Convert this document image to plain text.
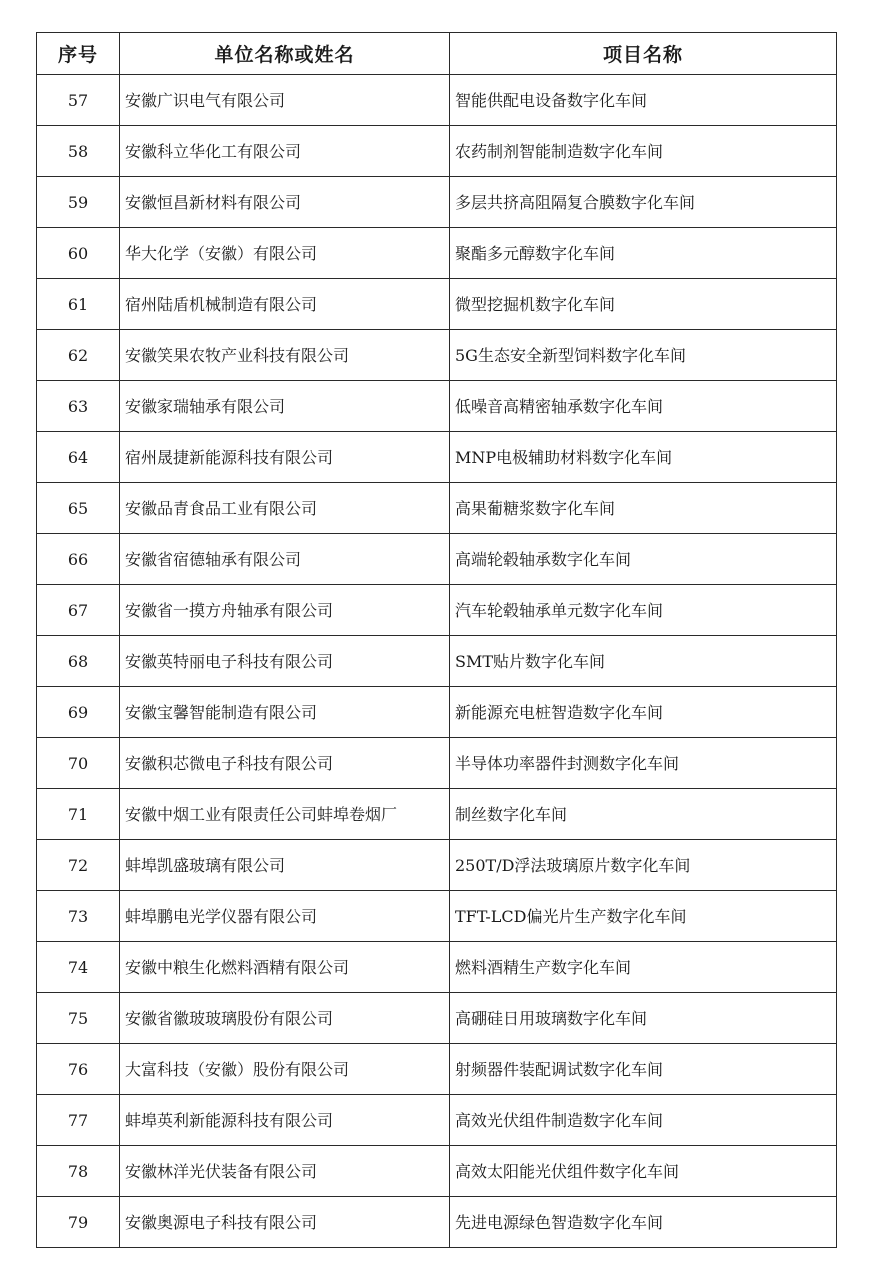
序号	单位名称或姓名	项目名称
57	安徽广识电气有限公司	智能供配电设备数字化车间
58	安徽科立华化工有限公司	农药制剂智能制造数字化车间
59	安徽恒昌新材料有限公司	多层共挤高阻隔复合膜数字化车间
60	华大化学（安徽）有限公司	聚酯多元醇数字化车间
61	宿州陆盾机械制造有限公司	微型挖掘机数字化车间
62	安徽笑果农牧产业科技有限公司	5G生态安全新型饲料数字化车间
63	安徽家瑞轴承有限公司	低噪音高精密轴承数字化车间
64	宿州晟捷新能源科技有限公司	MNP电极辅助材料数字化车间
65	安徽品青食品工业有限公司	高果葡糖浆数字化车间
66	安徽省宿德轴承有限公司	高端轮毂轴承数字化车间
67	安徽省一摸方舟轴承有限公司	汽车轮毂轴承单元数字化车间
68	安徽英特丽电子科技有限公司	SMT贴片数字化车间
69	安徽宝馨智能制造有限公司	新能源充电桩智造数字化车间
70	安徽积芯微电子科技有限公司	半导体功率器件封测数字化车间
71	安徽中烟工业有限责任公司蚌埠卷烟厂	制丝数字化车间
72	蚌埠凯盛玻璃有限公司	250T/D浮法玻璃原片数字化车间
73	蚌埠鹏电光学仪器有限公司	TFT-LCD偏光片生产数字化车间
74	安徽中粮生化燃料酒精有限公司	燃料酒精生产数字化车间
75	安徽省徽玻玻璃股份有限公司	高硼硅日用玻璃数字化车间
76	大富科技（安徽）股份有限公司	射频器件装配调试数字化车间
77	蚌埠英利新能源科技有限公司	高效光伏组件制造数字化车间
78	安徽林洋光伏装备有限公司	高效太阳能光伏组件数字化车间
79	安徽奥源电子科技有限公司	先进电源绿色智造数字化车间
